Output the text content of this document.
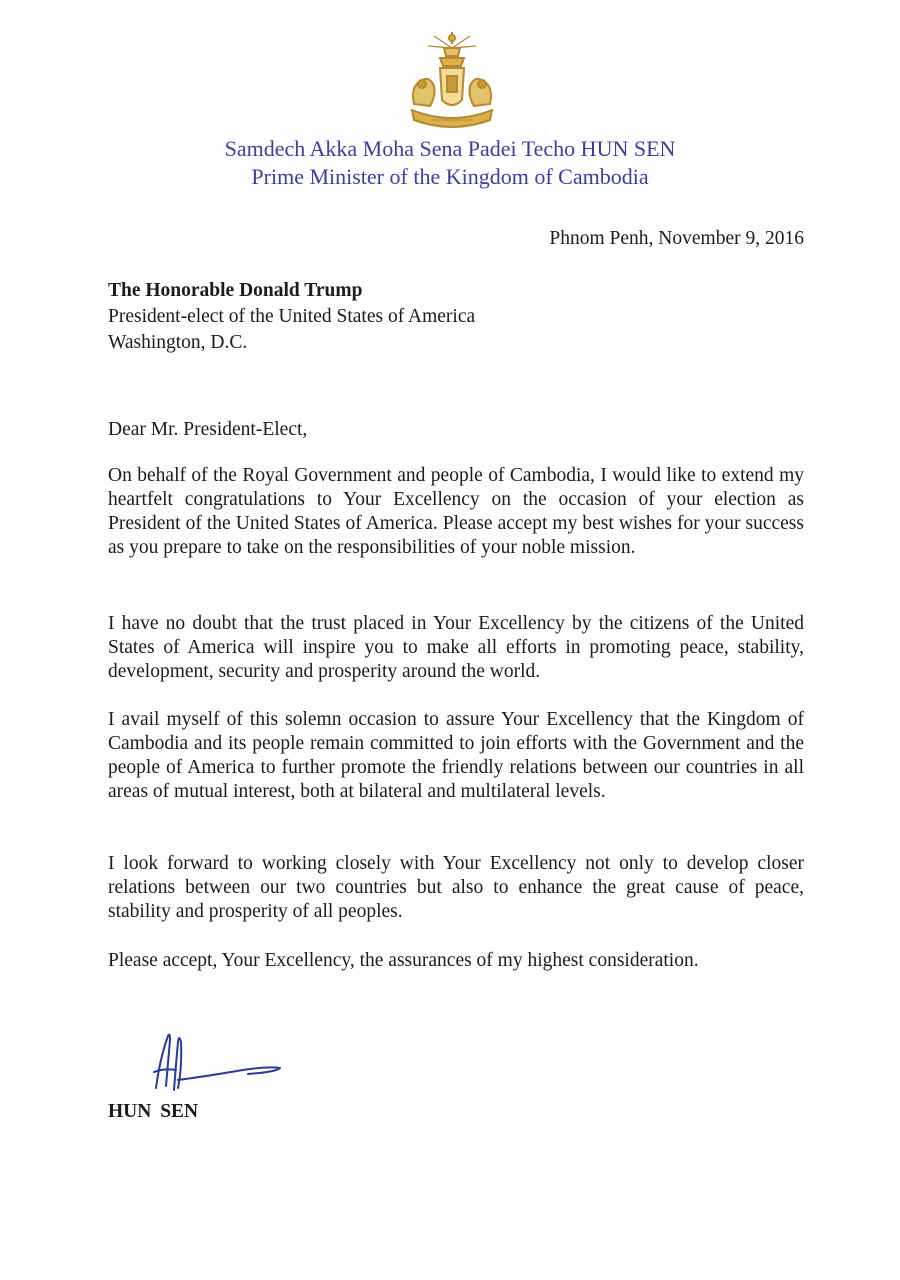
Samdech Akka Moha Sena Padei Techo HUN SEN
Prime Minister of the Kingdom of Cambodia
Phnom Penh, November 9, 2016
The Honorable Donald Trump
President-elect of the United States of America
Washington, D.C.
Dear Mr. President-Elect,
On behalf of the Royal Government and people of Cambodia, I would like to extend my heartfelt congratulations to Your Excellency on the occasion of your election as President of the United States of America. Please accept my best wishes for your success as you prepare to take on the responsibilities of your noble mission.
I have no doubt that the trust placed in Your Excellency by the citizens of the United States of America will inspire you to make all efforts in promoting peace, stability, development, security and prosperity around the world.
I avail myself of this solemn occasion to assure Your Excellency that the Kingdom of Cambodia and its people remain committed to join efforts with the Government and the people of America to further promote the friendly relations between our countries in all areas of mutual interest, both at bilateral and multilateral levels.
I look forward to working closely with Your Excellency not only to develop closer relations between our two countries but also to enhance the great cause of peace, stability and prosperity of all peoples.
Please accept, Your Excellency, the assurances of my highest consideration.
HUN SEN
